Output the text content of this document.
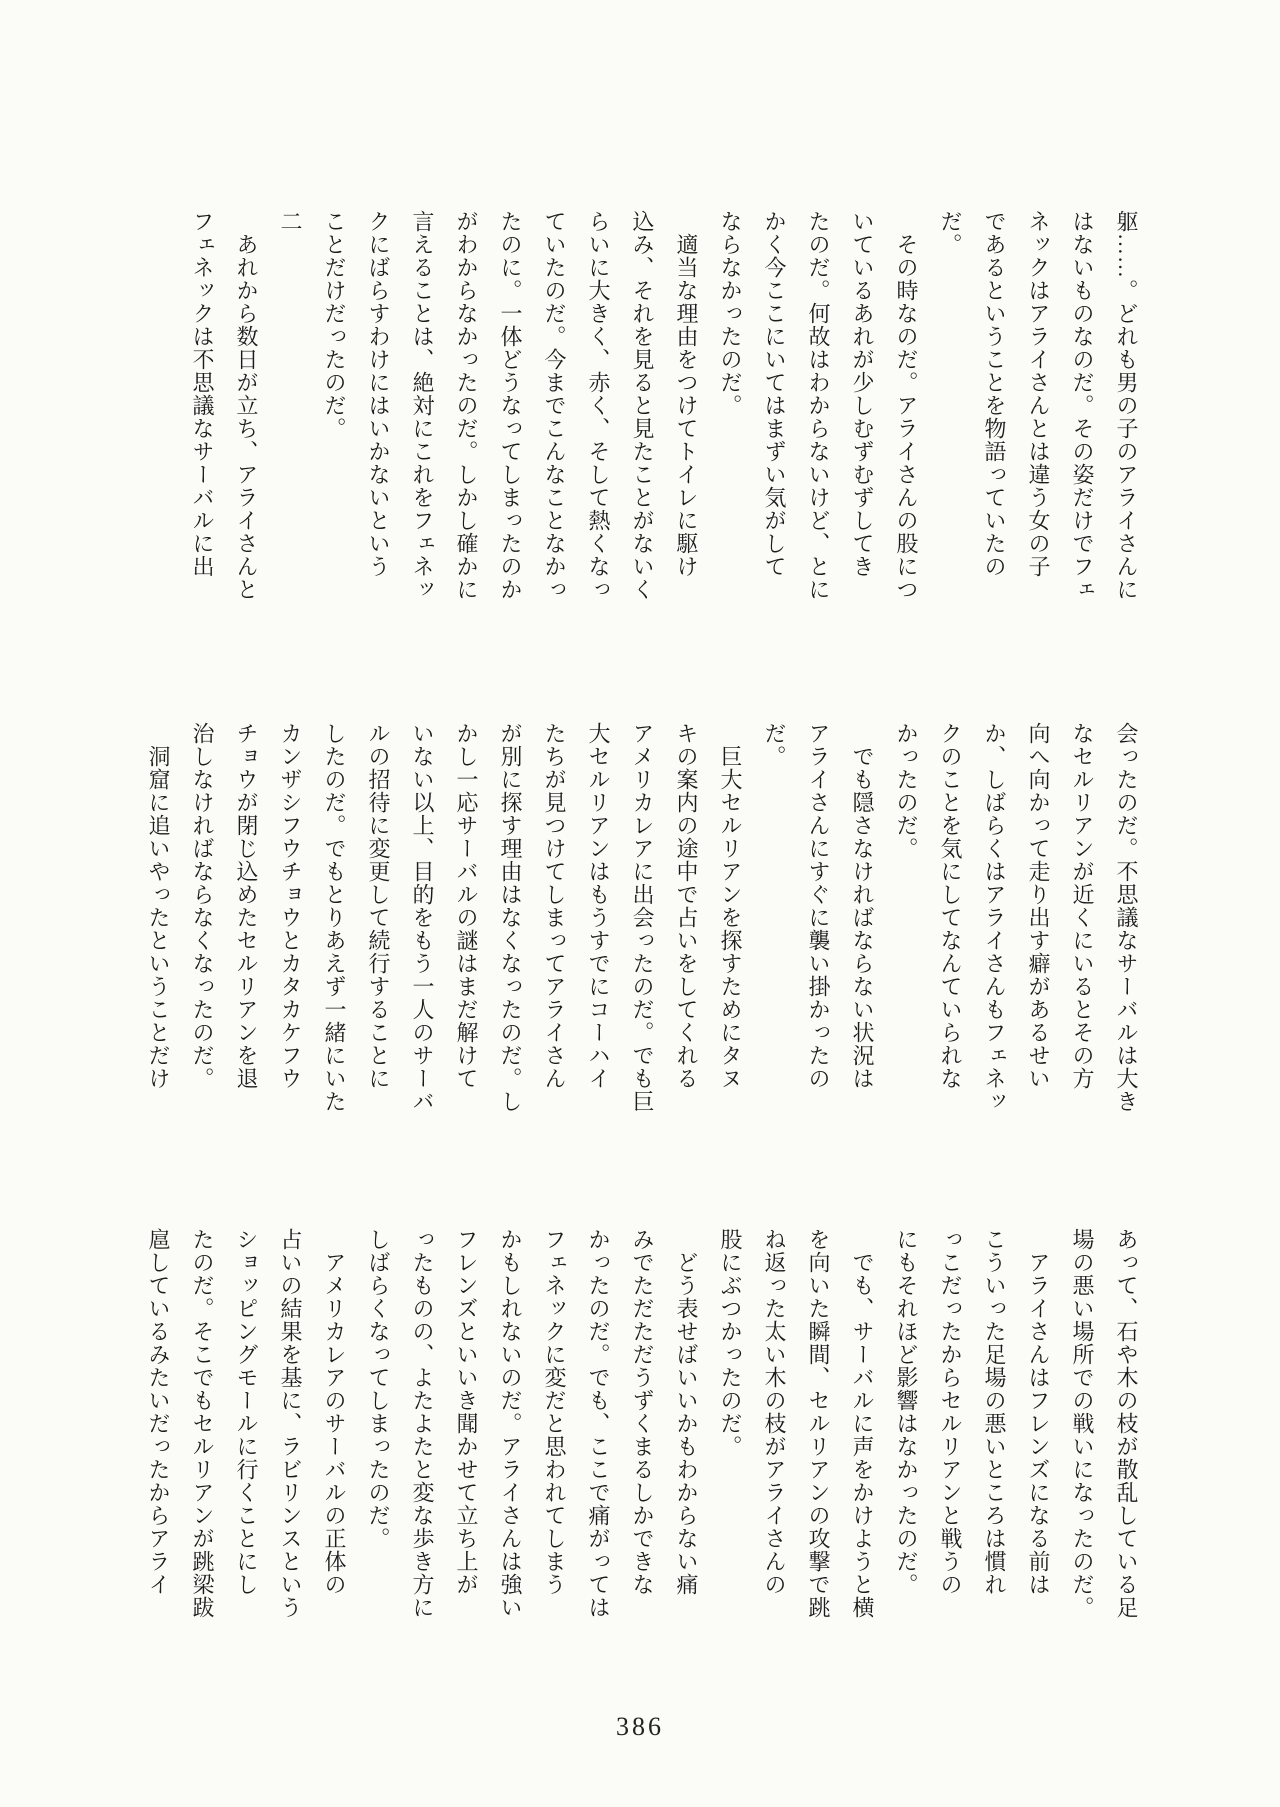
躯……。どれも男の子のアライさんに
はないものなのだ。その姿だけでフェ
ネックはアライさんとは違う女の子
であるということを物語っていたの
だ。
　その時なのだ。アライさんの股につ
いているあれが少しむずむずしてき
たのだ。何故はわからないけど、とに
かく今ここにいてはまずい気がして
ならなかったのだ。
　適当な理由をつけてトイレに駆け
込み、それを見ると見たことがないく
らいに大きく、赤く、そして熱くなっ
ていたのだ。今までこんなことなかっ
たのに。一体どうなってしまったのか
がわからなかったのだ。しかし確かに
言えることは、絶対にこれをフェネッ
クにばらすわけにはいかないという
ことだけだったのだ。
二
　あれから数日が立ち、アライさんと
フェネックは不思議なサーバルに出
会ったのだ。不思議なサーバルは大き
なセルリアンが近くにいるとその方
向へ向かって走り出す癖があるせい
か、しばらくはアライさんもフェネッ
クのことを気にしてなんていられな
かったのだ。
　でも隠さなければならない状況は
アライさんにすぐに襲い掛かったの
だ。
　巨大セルリアンを探すためにタヌ
キの案内の途中で占いをしてくれる
アメリカレアに出会ったのだ。でも巨
大セルリアンはもうすでにコーハイ
たちが見つけてしまってアライさん
が別に探す理由はなくなったのだ。し
かし一応サーバルの謎はまだ解けて
いない以上、目的をもう一人のサーバ
ルの招待に変更して続行することに
したのだ。でもとりあえず一緒にいた
カンザシフウチョウとカタカケフウ
チョウが閉じ込めたセルリアンを退
治しなければならなくなったのだ。
　洞窟に追いやったということだけ
あって、石や木の枝が散乱している足
場の悪い場所での戦いになったのだ。
　アライさんはフレンズになる前は
こういった足場の悪いところは慣れ
っこだったからセルリアンと戦うの
にもそれほど影響はなかったのだ。
　でも、サーバルに声をかけようと横
を向いた瞬間、セルリアンの攻撃で跳
ね返った太い木の枝がアライさんの
股にぶつかったのだ。
　どう表せばいいかもわからない痛
みでただただうずくまるしかできな
かったのだ。でも、ここで痛がっては
フェネックに変だと思われてしまう
かもしれないのだ。アライさんは強い
フレンズといいき聞かせて立ち上が
ったものの、よたよたと変な歩き方に
しばらくなってしまったのだ。
　アメリカレアのサーバルの正体の
占いの結果を基に、ラビリンスという
ショッピングモールに行くことにし
たのだ。そこでもセルリアンが跳梁跋
扈しているみたいだったからアライ
386
